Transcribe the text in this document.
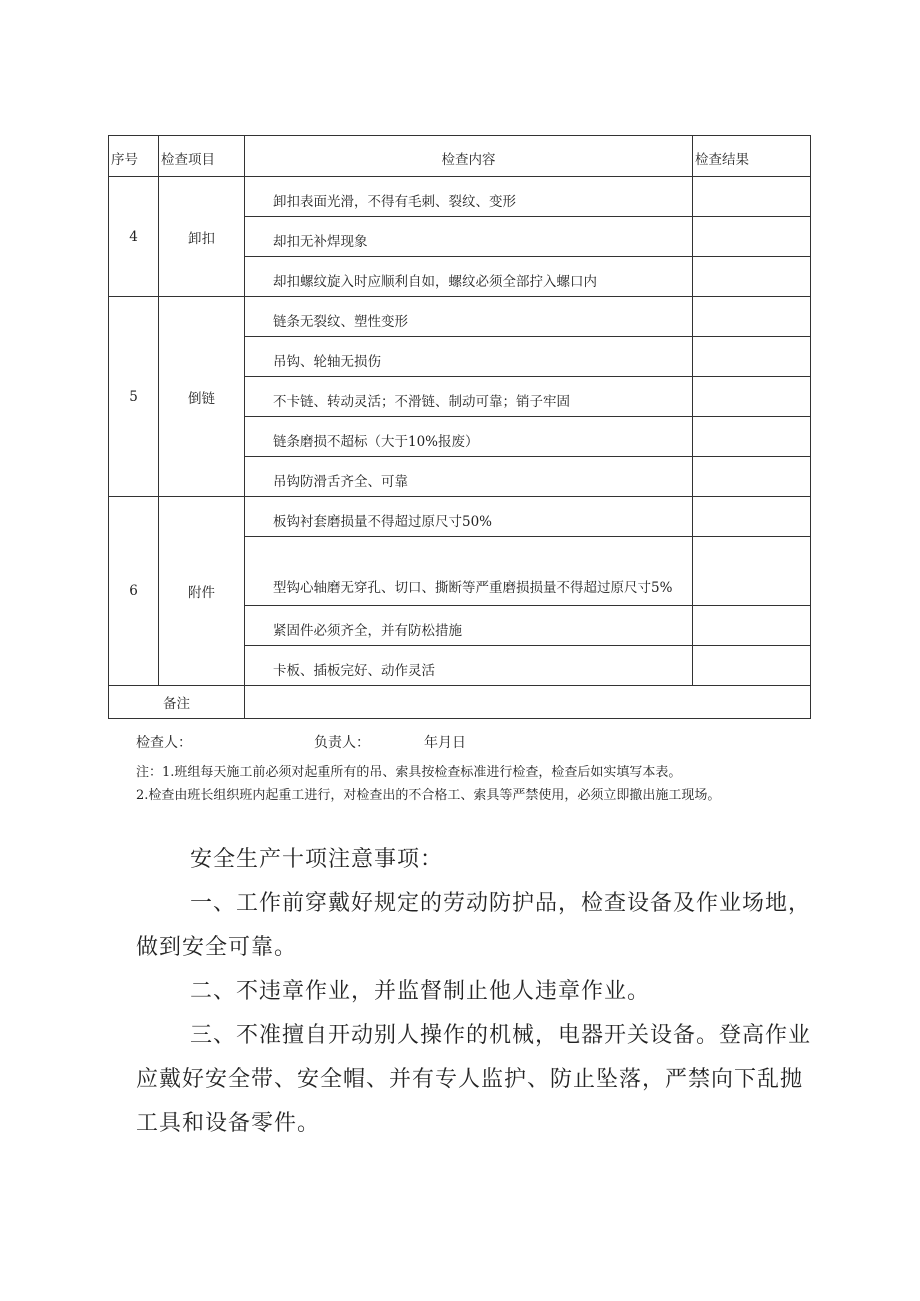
序号	检查项目	检查内容	检查结果
4	卸扣	卸扣表面光滑，不得有毛刺、裂纹、变形	
		却扣无补焊现象	
		却扣螺纹旋入时应顺利自如，螺纹必须全部拧入螺口内	
5	倒链	链条无裂纹、塑性变形	
		吊钩、轮轴无损伤	
		不卡链、转动灵活；不滑链、制动可靠；销子牢固	
		链条磨损不超标（大于10%报废）	
		吊钩防滑舌齐全、可靠	
6	附件	板钩衬套磨损量不得超过原尺寸50%	
		型钩心轴磨无穿孔、切口、撕断等严重磨损损量不得超过原尺寸5%	
		紧固件必须齐全，并有防松措施	
		卡板、插板完好、动作灵活	
备注			
检查人：	负责人：	年月日
注：1.班组每天施工前必须对起重所有的吊、索具按检查标准进行检查，检查后如实填写本表。
2.检查由班长组织班内起重工进行，对检查出的不合格工、索具等严禁使用，必须立即撤出施工现场。
安全生产十项注意事项：
一、工作前穿戴好规定的劳动防护品，检查设备及作业场地，做到安全可靠。
二、不违章作业，并监督制止他人违章作业。
三、不准擅自开动别人操作的机械，电器开关设备。登高作业应戴好安全带、安全帽、并有专人监护、防止坠落，严禁向下乱抛工具和设备零件。
